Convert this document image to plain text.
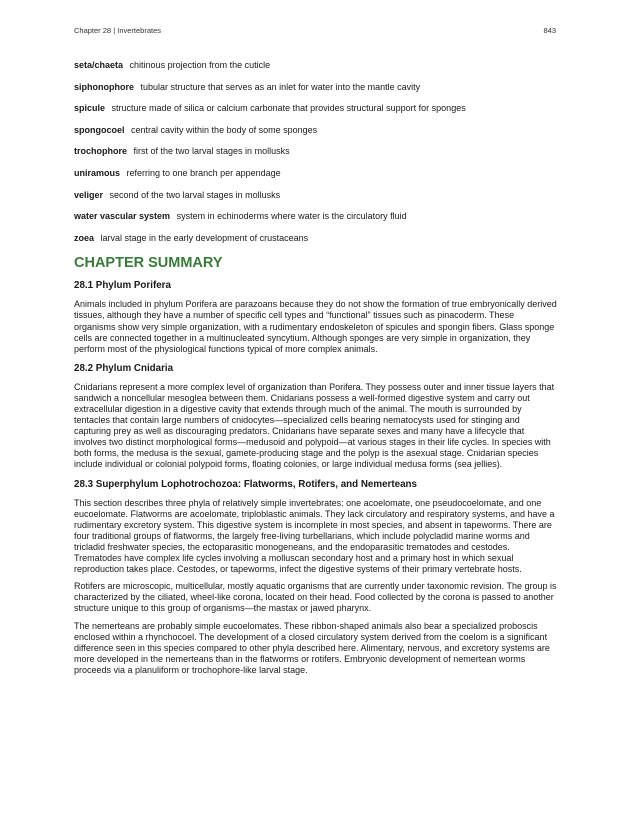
Chapter 28 | Invertebrates	843

seta/chaeta chitinous projection from the cuticle

siphonophore tubular structure that serves as an inlet for water into the mantle cavity

spicule structure made of silica or calcium carbonate that provides structural support for sponges

spongocoel central cavity within the body of some sponges

trochophore first of the two larval stages in mollusks

uniramous referring to one branch per appendage

veliger second of the two larval stages in mollusks

water vascular system system in echinoderms where water is the circulatory fluid

zoea larval stage in the early development of crustaceans

CHAPTER SUMMARY
28.1 Phylum Porifera

Animals included in phylum Porifera are parazoans because they do not show the formation of true embryonically derived tissues, although they have a number of specific cell types and “functional” tissues such as pinacoderm. These organisms show very simple organization, with a rudimentary endoskeleton of spicules and spongin fibers. Glass sponge cells are connected together in a multinucleated syncytium. Although sponges are very simple in organization, they perform most of the physiological functions typical of more complex animals.

28.2 Phylum Cnidaria

Cnidarians represent a more complex level of organization than Porifera. They possess outer and inner tissue layers that sandwich a noncellular mesoglea between them. Cnidarians possess a well-formed digestive system and carry out extracellular digestion in a digestive cavity that extends through much of the animal. The mouth is surrounded by tentacles that contain large numbers of cnidocytes—specialized cells bearing nematocysts used for stinging and capturing prey as well as discouraging predators. Cnidarians have separate sexes and many have a lifecycle that involves two distinct morphological forms—medusoid and polypoid—at various stages in their life cycles. In species with both forms, the medusa is the sexual, gamete-producing stage and the polyp is the asexual stage. Cnidarian species include individual or colonial polypoid forms, floating colonies, or large individual medusa forms (sea jellies).

28.3 Superphylum Lophotrochozoa: Flatworms, Rotifers, and Nemerteans

This section describes three phyla of relatively simple invertebrates: one acoelomate, one pseudocoelomate, and one eucoelomate. Flatworms are acoelomate, triploblastic animals. They lack circulatory and respiratory systems, and have a rudimentary excretory system. This digestive system is incomplete in most species, and absent in tapeworms. There are four traditional groups of flatworms, the largely free-living turbellarians, which include polycladid marine worms and tricladid freshwater species, the ectoparasitic monogeneans, and the endoparasitic trematodes and cestodes. Trematodes have complex life cycles involving a molluscan secondary host and a primary host in which sexual reproduction takes place. Cestodes, or tapeworms, infect the digestive systems of their primary vertebrate hosts.

Rotifers are microscopic, multicellular, mostly aquatic organisms that are currently under taxonomic revision. The group is characterized by the ciliated, wheel-like corona, located on their head. Food collected by the corona is passed to another structure unique to this group of organisms—the mastax or jawed pharynx.

The nemerteans are probably simple eucoelomates. These ribbon-shaped animals also bear a specialized proboscis enclosed within a rhynchocoel. The development of a closed circulatory system derived from the coelom is a significant difference seen in this species compared to other phyla described here. Alimentary, nervous, and excretory systems are more developed in the nemerteans than in the flatworms or rotifers. Embryonic development of nemertean worms proceeds via a planuliform or trochophore-like larval stage.
